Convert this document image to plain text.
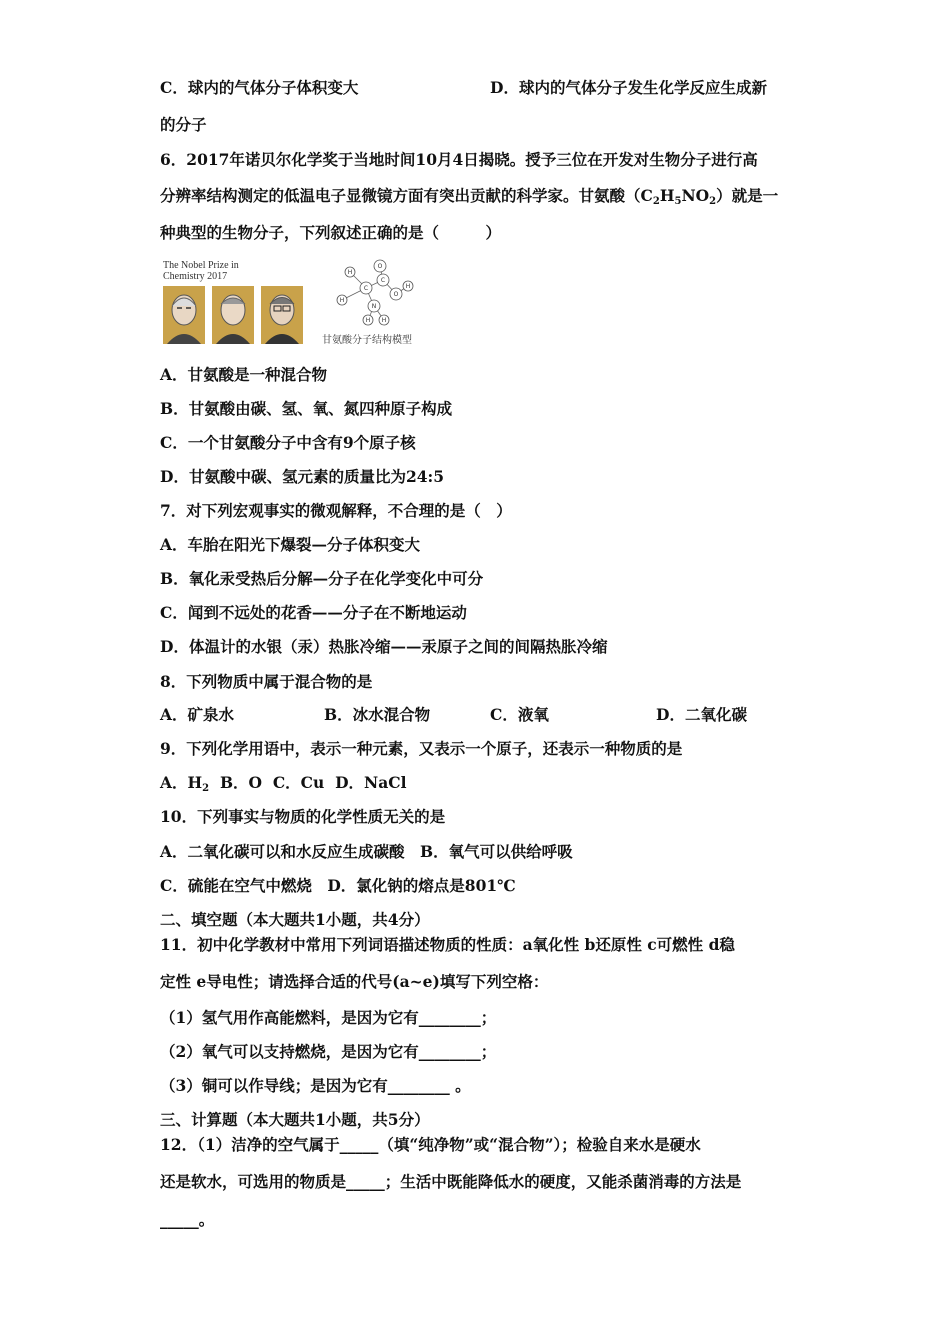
C．球内的气体分子体积变大	D．球内的气体分子发生化学反应生成新

的分子

6．2017年诺贝尔化学奖于当地时间10月4日揭晓。授予三位在开发对生物分子进行高

分辨率结构测定的低温电子显微镜方面有突出贡献的科学家。甘氨酸$(C_2H_5NO_2)$就是一

种典型的生物分子，下列叙述正确的是（　　　）

The Nobel Prize in
Chemistry 2017	H
H
C
C
O
O
H
N
H H
甘氨酸分子结构模型

A．甘氨酸是一种混合物

B．甘氨酸由碳、氢、氧、氮四种原子构成

C．一个甘氨酸分子中含有9个原子核

D．甘氨酸中碳、氢元素的质量比为24:5

7．对下列宏观事实的微观解释，不合理的是（　）

A．车胎在阳光下爆裂—分子体积变大

B．氧化汞受热后分解—分子在化学变化中可分

C．闻到不远处的花香——分子在不断地运动

D．体温计的水银（汞）热胀冷缩——汞原子之间的间隔热胀冷缩

8．下列物质中属于混合物的是

A．矿泉水	B．冰水混合物	C．液氧	D．二氧化碳

9．下列化学用语中，表示一种元素，又表示一个原子，还表示一种物质的是

A．$H_2$ B．O C．Cu D．NaCl

10．下列事实与物质的化学性质无关的是

A．二氧化碳可以和水反应生成碳酸　B．氧气可以供给呼吸

C．硫能在空气中燃烧　D．氯化钠的熔点是801℃

二、填空题（本大题共1小题，共4分）

11．初中化学教材中常用下列词语描述物质的性质：a氧化性 b还原性 c可燃性 d稳

定性 e导电性；请选择合适的代号(a~e)填写下列空格：

（1）氢气用作高能燃料，是因为它有________；

（2）氧气可以支持燃烧，是因为它有________；

（3）铜可以作导线；是因为它有________ 。

三、计算题（本大题共1小题，共5分）

12．（1）洁净的空气属于_____（填“纯净物”或“混合物”）；检验自来水是硬水

还是软水，可选用的物质是_____；生活中既能降低水的硬度，又能杀菌消毒的方法是

_____。
